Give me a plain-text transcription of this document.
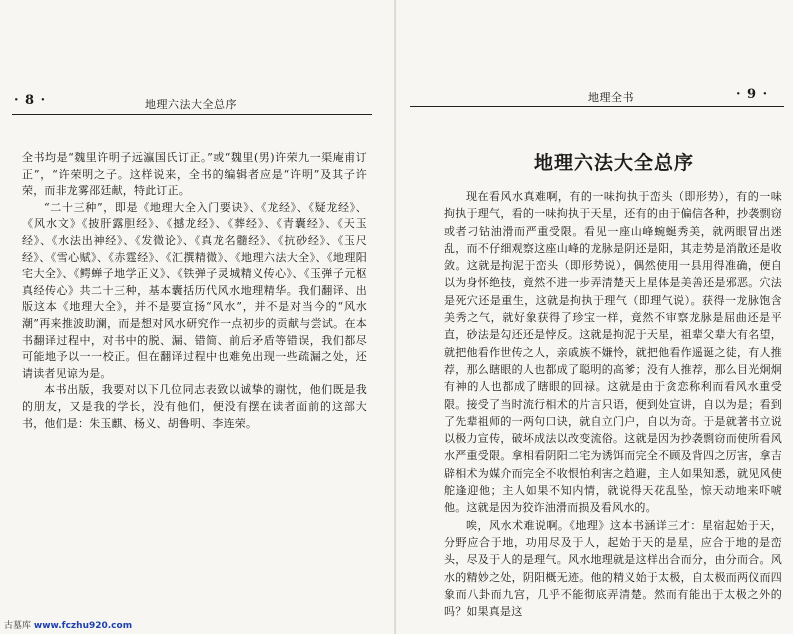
· 8 ·	地理六法大全总序

全书均是“魏里许明子远瀛国氏订正。”或“魏里(男)许荣九一渠庵甫订正”，“许荣明之子。这样说来，全书的编辑者应是“许明”及其子许荣，而非龙雾邵廷献，特此订正。

“二十三种”，即是《地理大全入门要诀》、《龙经》、《疑龙经》、《风水文》《披肝露胆经》、《撼龙经》、《葬经》、《青囊经》、《天玉经》、《水法出神经》、《发微论》、《真龙名髓经》、《抗砂经》、《玉尺经》、《雪心赋》、《赤霆经》、《汇撰精微》、《地理六法大全》、《地理阳宅大全》、《鳄蝉子地学正义》、《铁弹子灵城精义传心》、《玉弹子元枢真经传心》共二十三种，基本囊括历代风水地理精华。我们翻译、出版这本《地理大全》，并不是要宣扬“风水”，并不是对当今的“风水潮”再来推波助澜，而是想对风水研究作一点初步的贡献与尝试。在本书翻译过程中，对书中的脱、漏、错简、前后矛盾等错误，我们都尽可能地予以一一校正。但在翻译过程中也难免出现一些疏漏之处，还请读者见谅为是。

本书出版，我要对以下几位同志表致以诚挚的谢忱，他们既是我的朋友，又是我的学长，没有他们，便没有摆在读者面前的这部大书，他们是：朱玉麒、杨义、胡鲁明、李连荣。

地理全书	· 9 ·
地理六法大全总序

现在看风水真难啊，有的一味拘执于峦头（即形势），有的一味拘执于理气，看的一味拘执于天星，还有的由于偏信各种，抄袭剽窃或者刁钻油滑而严重受限。看见一座山峰蜿蜒秀美，就两眼冒出迷乱，而不仔细观察这座山峰的龙脉是阴还是阳，其走势是消散还是收敛。这就是拘泥于峦头（即形势说），偶然使用一县用得准确，便自以为身怀绝技，竟然不进一步弄清楚天上星体是美善还是邪恶。穴法是死穴还是重生，这就是拘执于理气（即理气说）。获得一龙脉饱含美秀之气，就好象获得了珍宝一样，竟然不审察龙脉是屈曲还是平直，砂法是勾还还是悖反。这就是拘泥于天星，祖辈父辈大有名望，就把他看作世传之人，亲戚族不嫌怜，就把他看作遥诞之徒，有人推荐，那么瞎眼的人也都成了聪明的高爹；没有人推荐，那么目光炯炯有神的人也都成了瞎眼的回禄。这就是由于贪恋称利而看风水重受限。接受了当时流行相术的片言只语，便到处宣讲，自以为是；看到了先辈祖师的一两句口诀，就自立门户，自以为奇。于是就著书立说以极力宣传，破坏成法以改变流俗。这就是因为抄袭剽窃而使所看风水严重受限。拿相看阴阳二宅为诱饵而完全不顾及背四之厉害，拿吉辟相术为媒介而完全不收恨怕利害之趋避，主人如果知悉，就见风使舵逢迎他；主人如果不知内情，就说得天花乱坠，惊天动地来吓唬他。这就是因为狡诈油滑而损及看风水的。

唉，风水术难说啊。《地理》这本书涵详三才：星宿起始于天，分野应合于地，功用尽及于人，起始于天的是星，应合于地的是峦头，尽及于人的是理气。风水地理就是这样出合而分，由分而合。风水的精妙之处，阴阳概无迹。他的精义始于太极，自太极而两仪而四象而八卦而九宫，几乎不能彻底弄清楚。然而有能出于太极之外的吗？如果真是这

古墓库 www.fczhu920.com
